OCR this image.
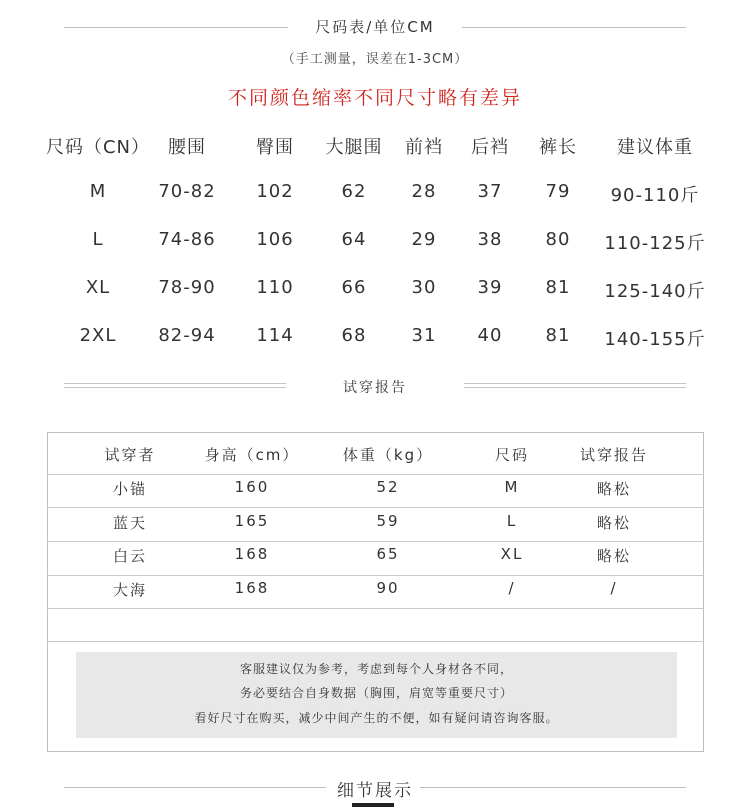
尺码表/单位CM
（手工测量，误差在1-3CM）
不同颜色缩率不同尺寸略有差异
尺码（CN） 腰围	臀围	大腿围	前裆	后裆	裤长	建议体重
M	70-82	102	62	28	37	79	90-110斤
L	74-86	106	64	29	38	80	110-125斤
XL	78-90	110	66	30	39	81	125-140斤
2XL	82-94	114	68	31	40	81	140-155斤
试穿报告
试穿者	身高（cm）	体重（kg）	尺码	试穿报告
小锚	160	52	M	略松
蓝天	165	59	L	略松
白云	168	65	XL	略松
大海	168	90	/	/
客服建议仅为参考，考虑到每个人身材各不同，
务必要结合自身数据（胸围，肩宽等重要尺寸）
看好尺寸在购买，减少中间产生的不便，如有疑问请咨询客服。
细节展示
